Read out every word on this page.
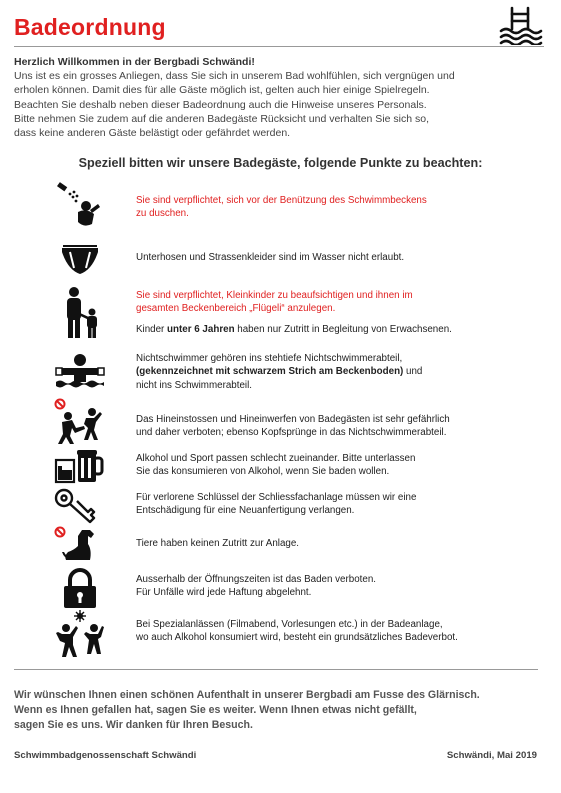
Badeordnung

Herzlich Willkommen in der Bergbadi Schwändi!

Uns ist es ein grosses Anliegen, dass Sie sich in unserem Bad wohlfühlen, sich vergnügen und

erholen können. Damit dies für alle Gäste möglich ist, gelten auch hier einige Spielregeln.

Beachten Sie deshalb neben dieser Badeordnung auch die Hinweise unseres Personals.

Bitte nehmen Sie zudem auf die anderen Badegäste Rücksicht und verhalten Sie sich so,

dass keine anderen Gäste belästigt oder gefährdet werden.

Speziell bitten wir unsere Badegäste, folgende Punkte zu beachten:

Sie sind verpflichtet, sich vor der Benützung des Schwimmbeckens

zu duschen.

Unterhosen und Strassenkleider sind im Wasser nicht erlaubt.

Sie sind verpflichtet, Kleinkinder zu beaufsichtigen und ihnen im

gesamten Beckenbereich „Flügeli“ anzulegen.

Kinder unter 6 Jahren haben nur Zutritt in Begleitung von Erwachsenen.

Nichtschwimmer gehören ins stehtiefe Nichtschwimmerabteil,

(gekennzeichnet mit schwarzem Strich am Beckenboden) und

nicht ins Schwimmerabteil.

Das Hineinstossen und Hineinwerfen von Badegästen ist sehr gefährlich

und daher verboten; ebenso Kopfsprünge in das Nichtschwimmerabteil.

Alkohol und Sport passen schlecht zueinander. Bitte unterlassen

Sie das konsumieren von Alkohol, wenn Sie baden wollen.

Für verlorene Schlüssel der Schliessfachanlage müssen wir eine

Entschädigung für eine Neuanfertigung verlangen.

Tiere haben keinen Zutritt zur Anlage.

Ausserhalb der Öffnungszeiten ist das Baden verboten.

Für Unfälle wird jede Haftung abgelehnt.

Bei Spezialanlässen (Filmabend, Vorlesungen etc.) in der Badeanlage,

wo auch Alkohol konsumiert wird, besteht ein grundsätzliches Badeverbot.

Wir wünschen Ihnen einen schönen Aufenthalt in unserer Bergbadi am Fusse des Glärnisch.

Wenn es Ihnen gefallen hat, sagen Sie es weiter. Wenn Ihnen etwas nicht gefällt,

sagen Sie es uns. Wir danken für Ihren Besuch.

Schwimmbadgenossenschaft Schwändi	Schwändi, Mai 2019
